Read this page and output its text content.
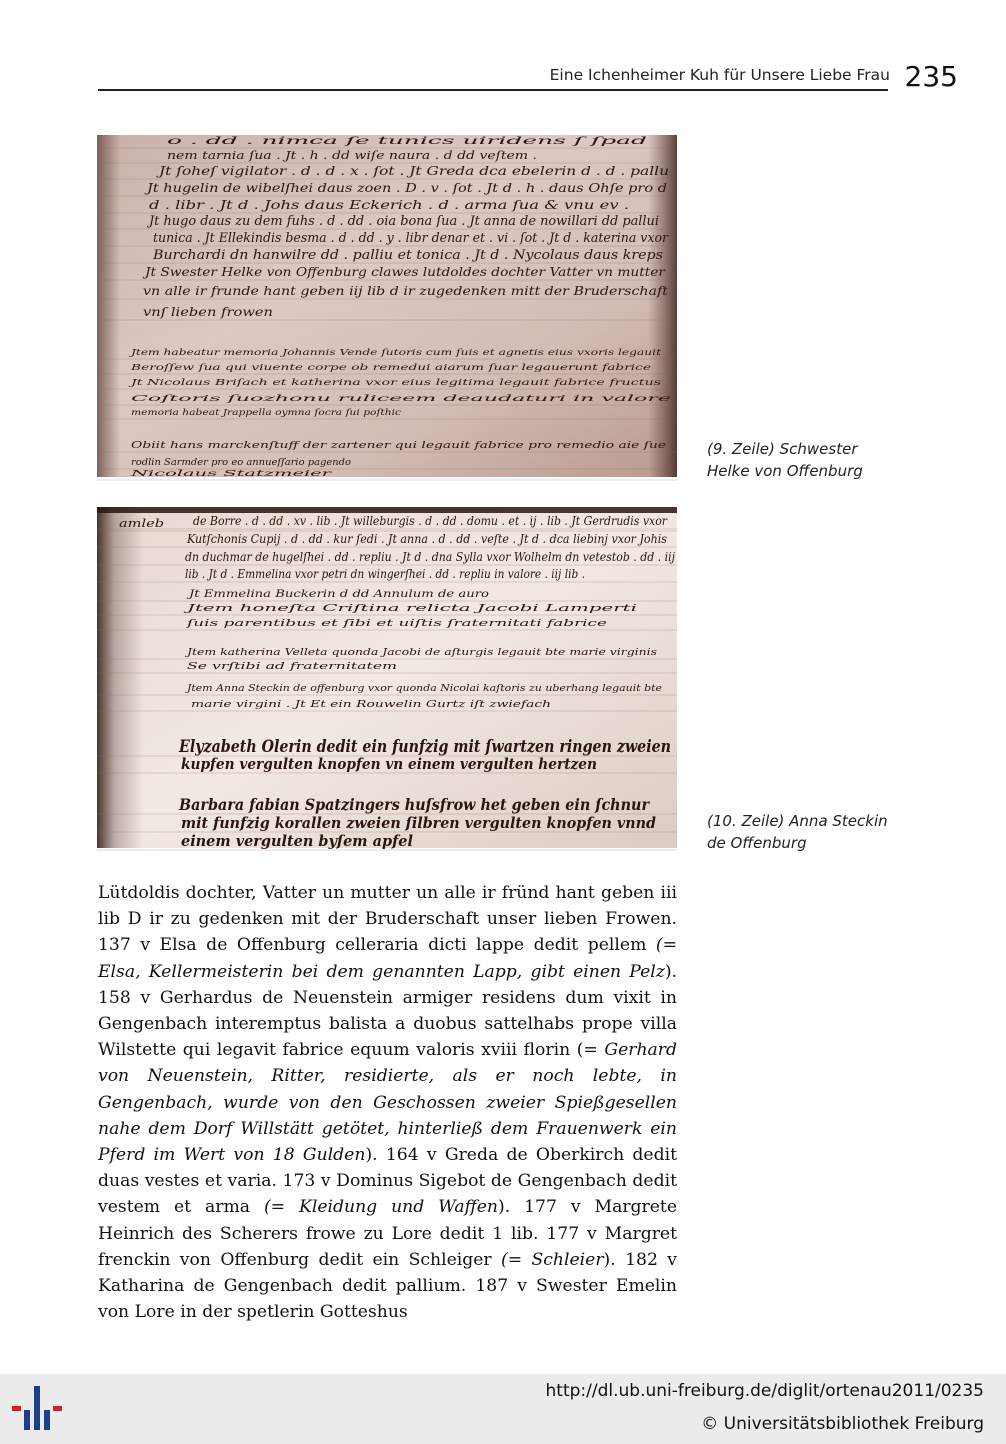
Eine Ichenheimer Kuh für Unsere Liebe Frau 235
o . dd . nimca ſe tunics uiridens ſ ſpad
nem tarnia ſua . Jt . h . dd wiſe naura . d dd veſtem .
Jt ſoheſ vigilator . d . d . x . ſot . Jt Greda dca ebelerin d . d . pallu
Jt hugelin de wibelſhei daus zoen . D . v . ſot . Jt d . h . daus Ohſe pro d
d . libr . Jt d . Johs daus Eckerich . d . arma ſua & vnu ev .
Jt hugo daus zu dem fuhs . d . dd . oia bona ſua . Jt anna de nowillari dd pallui
tunica . Jt Ellekindis besma . d . dd . y . libr denar et . vi . ſot . Jt d . katerina vxor
Burchardi dn hanwilre dd . palliu et tonica . Jt d . Nycolaus daus kreps
Jt Swester Helke von Offenburg clawes lutdoldes dochter Vatter vn mutter
vn alle ir frunde hant geben iij lib d ir zugedenken mitt der Bruderschaft
vnſ lieben frowen
Jtem habeatur memoria Johannis Vende ſutoris cum ſuis et agnetis eius vxoris legauit
Beroſſew ſua qui viuente corpe ob remedui aiarum ſuar legauerunt fabrice
Jt Nicolaus Briſach et katherina vxor eius legitima legauit fabrice fructus
Coſtoris ſuozhonu ruliceem deaudaturi in valore
memoria habeat Jrappella oymna ſocra ſui poſthic
Obiit hans marckenſtuff der zartener qui legauit fabrice pro remedio aie ſue
rodlin Sarmder pro eo annueſſario pagendo
Nicolaus Statzmeier
(9. Zeile) Schwester
Helke von Offenburg
amleb de Borre . d . dd . xv . lib . Jt willeburgis . d . dd . domu . et . ij . lib . Jt Gerdrudis vxor
Kutſchonis Cupij . d . dd . kur ſedi . Jt anna . d . dd . veſte . Jt d . dca liebinj vxor Johis
dn duchmar de hugelſhei . dd . repliu . Jt d . dna Sylla vxor Wolhelm dn vetestob . dd . iij
lib . Jt d . Emmelina vxor petri dn wingerſhei . dd . repliu in valore . iij lib .
Jt Emmelina Buckerin d dd Annulum de auro
Jtem honeſta Criſtina relicta Jacobi Lamperti
ſuis parentibus et ſibi et uiſtis ſraternitati fabrice
Jtem katherina Velleta quonda Jacobi de aſturgis legauit bte marie virginis
Se vrſtibi ad fraternitatem
Jtem Anna Steckin de offenburg vxor quonda Nicolai kaſtoris zu uberhang legauit bte
marie virgini . Jt Et ein Rouwelin Gurtz iſt zwiefach
Elyzabeth Olerin dedit ein funfzig mit ſwartzen ringen zweien
kupfen vergulten knopfen vn einem vergulten hertzen
Barbara fabian Spatzingers huſsfrow het geben ein ſchnur
mit funfzig korallen zweien ſilbren vergulten knopfen vnnd
einem vergulten byſem apfel
(10. Zeile) Anna Steckin
de Offenburg

Lütdoldis dochter, Vatter un mutter un alle ir fründ hant geben iii lib D ir zu gedenken mit der Bruderschaft unser lieben Frowen. 137 v Elsa de Offenburg celleraria dicti lappe dedit pellem (= Elsa, Kellermeisterin bei dem genannten Lapp, gibt einen Pelz). 158 v Gerhardus de Neuenstein armiger residens dum vixit in Gengenbach interemptus balista a duobus sattelhabs prope villa Wilstette qui legavit fabrice equum valoris xviii florin (= Gerhard von Neuenstein, Ritter, residierte, als er noch lebte, in Gengenbach, wurde von den Geschossen zweier Spießgesellen nahe dem Dorf Willstätt getötet, hinterließ dem Frauenwerk ein Pferd im Wert von 18 Gulden). 164 v Greda de Oberkirch dedit duas vestes et varia. 173 v Dominus Sigebot de Gengenbach dedit vestem et arma (= Kleidung und Waffen). 177 v Margrete Heinrich des Scherers frowe zu Lore dedit 1 lib. 177 v Margret frenckin von Offenburg dedit ein Schleiger (= Schleier). 182 v Katharina de Gengenbach dedit pallium. 187 v Swester Emelin von Lore in der spetlerin Gotteshus

http://dl.ub.uni-freiburg.de/diglit/ortenau2011/0235
© Universitätsbibliothek Freiburg
